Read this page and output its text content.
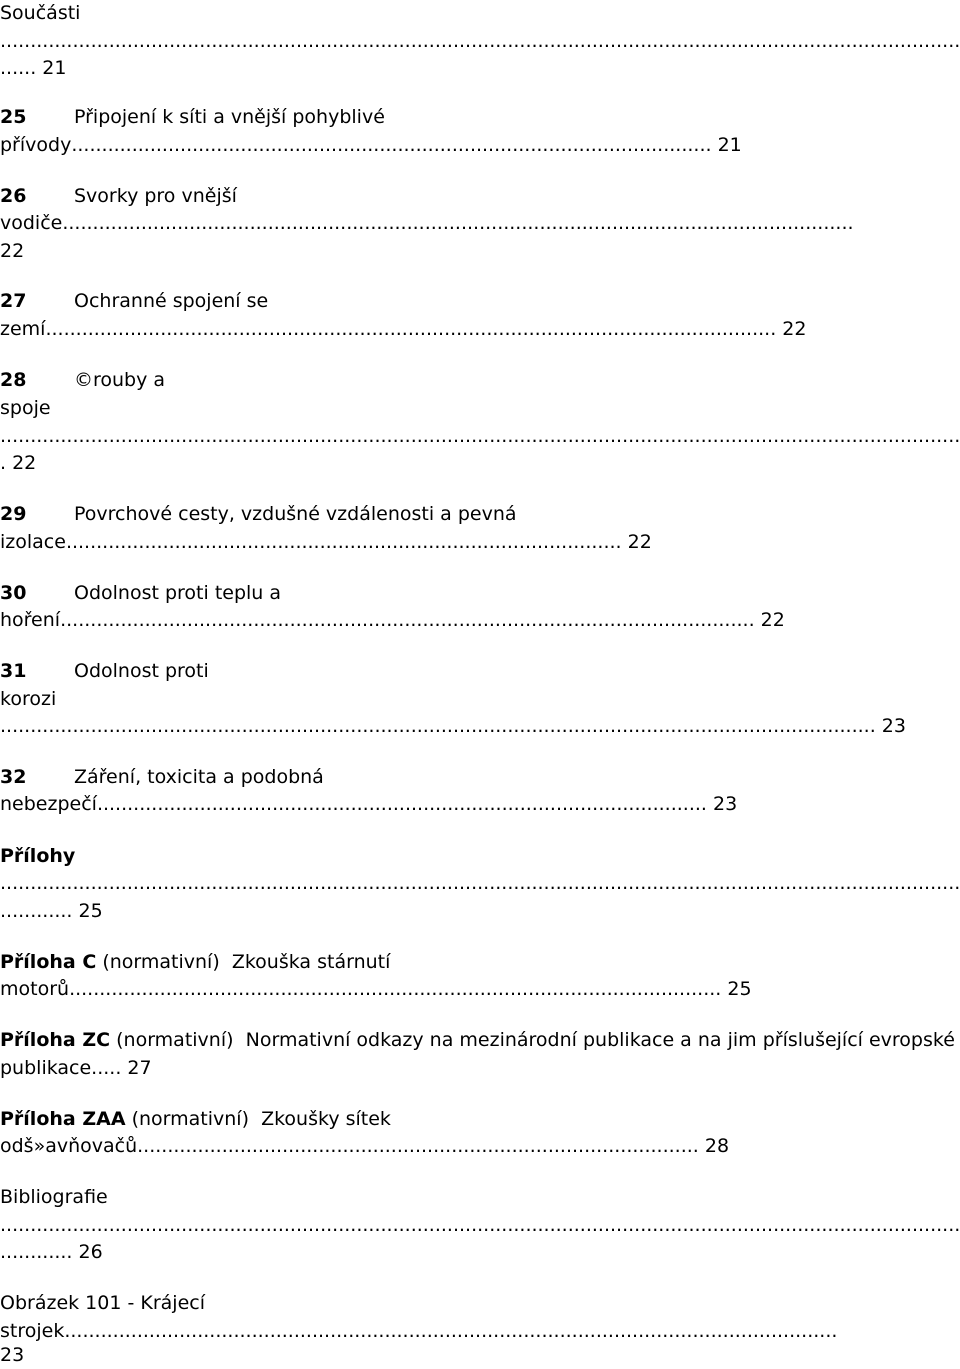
Součásti
...............................................................................................................................................................
...... 21
25	Připojení k síti a vnější pohyblivé
přívody.......................................................................................................... 21
26	Svorky pro vnější
vodiče...................................................................................................................................
22
27	Ochranné spojení se
zemí......................................................................................................................... 22
28	©rouby a
spoje
...............................................................................................................................................................
. 22
29	Povrchové cesty, vzdušné vzdálenosti a pevná
izolace............................................................................................ 22
30	Odolnost proti teplu a
hoření................................................................................................................... 22
31	Odolnost proti
korozi
................................................................................................................................................. 23
32	Záření, toxicita a podobná
nebezpečí..................................................................................................... 23
Přílohy
...............................................................................................................................................................
............ 25
Příloha C (normativní) Zkouška stárnutí
motorů............................................................................................................ 25
Příloha ZC (normativní) Normativní odkazy na mezinárodní publikace a na jim příslušející evropské
publikace..... 27
Příloha ZAA (normativní) Zkoušky sítek
odš»avňovačů............................................................................................. 28
Bibliografie
...............................................................................................................................................................
............ 26
Obrázek 101 - Krájecí
strojek................................................................................................................................
23
